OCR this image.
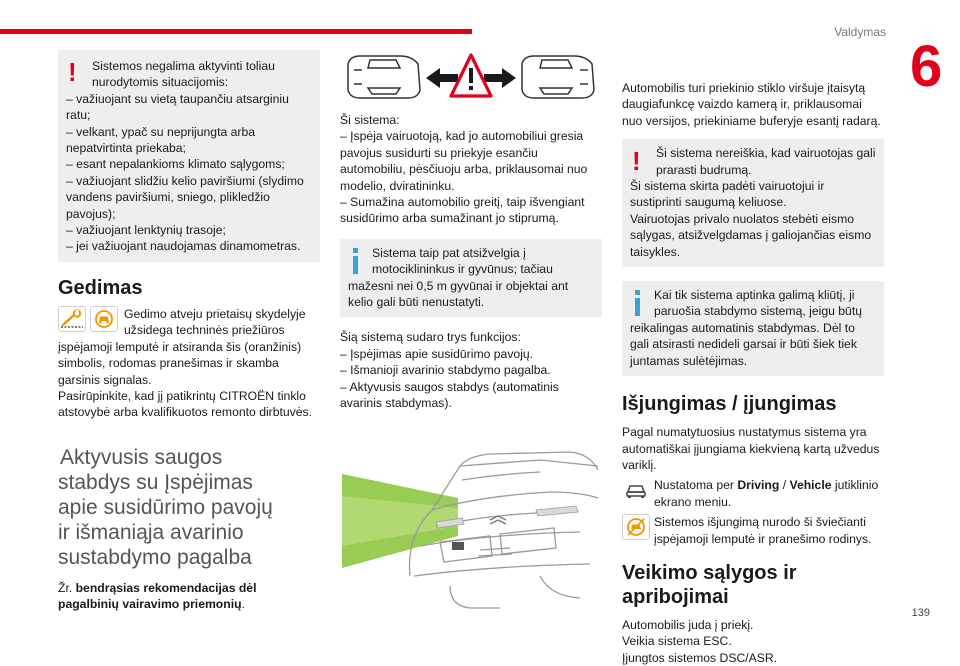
Valdymas
6
139
!	Sistemos negalima aktyvinti toliau
nurodytomis situacijomis:

– važiuojant su vietą taupančiu atsarginiu ratu;
– velkant, ypač su neprijungta arba nepatvirtinta priekaba;
– esant nepalankioms klimato sąlygoms;
– važiuojant slidžiu kelio paviršiumi (slydimo vandens paviršiumi, sniego, plikledžio pavojus);
– važiuojant lenktynių trasoje;
– jei važiuojant naudojamas dinamometras.

Gedimas

Gedimo atveju prietaisų skydelyje
užsidega techninės priežiūros

įspėjamoji lemputė ir atsiranda šis (oranžinis) simbolis, rodomas pranešimas ir skamba garsinis signalas.
Pasirūpinkite, kad jį patikrintų CITROËN tinklo atstovybė arba kvalifikuotos remonto dirbtuvės.

Aktyvusis saugos
stabdys su Įspėjimas
apie susidūrimo pavojų
ir išmaniąja avarinio
sustabdymo pagalba

Žr. bendrąsias rekomendacijas dėl pagalbinių vairavimo priemonių.

Ši sistema:
– Įspėja vairuotoją, kad jo automobiliui gresia pavojus susidurti su priekyje esančiu automobiliu, pėsčiuoju arba, priklausomai nuo modelio, dviratininku.
– Sumažina automobilio greitį, taip išvengiant susidūrimo arba sumažinant jo stiprumą.

Sistema taip pat atsižvelgia į
motociklininkus ir gyvūnus; tačiau

mažesni nei 0,5 m gyvūnai ir objektai ant kelio gali būti nenustatyti.

Šią sistemą sudaro trys funkcijos:
– Įspėjimas apie susidūrimo pavojų.
– Išmanioji avarinio stabdymo pagalba.
– Aktyvusis saugos stabdys (automatinis avarinis stabdymas).

Automobilis turi priekinio stiklo viršuje įtaisytą daugiafunkcę vaizdo kamerą ir, priklausomai nuo versijos, priekiniame buferyje esantį radarą.

!	Ši sistema nereiškia, kad vairuotojas gali
prarasti budrumą.

Ši sistema skirta padėti vairuotojui ir sustiprinti saugumą keliuose.
Vairuotojas privalo nuolatos stebėti eismo sąlygas, atsižvelgdamas į galiojančias eismo taisykles.

Kai tik sistema aptinka galimą kliūtį, ji
paruošia stabdymo sistemą, jeigu būtų

reikalingas automatinis stabdymas. Dėl to gali atsirasti nedideli garsai ir būti šiek tiek juntamas sulėtėjimas.

Išjungimas / įjungimas

Pagal numatytuosius nustatymus sistema yra automatiškai įjungiama kiekvieną kartą užvedus variklį.

Nustatoma per Driving / Vehicle jutiklinio ekrano meniu.

Sistemos išjungimą nurodo ši šviečianti įspėjamoji lemputė ir pranešimo rodinys.

Veikimo sąlygos ir apribojimai

Automobilis juda į priekį.
Veikia sistema ESC.
Įjungtos sistemos DSC/ASR.
